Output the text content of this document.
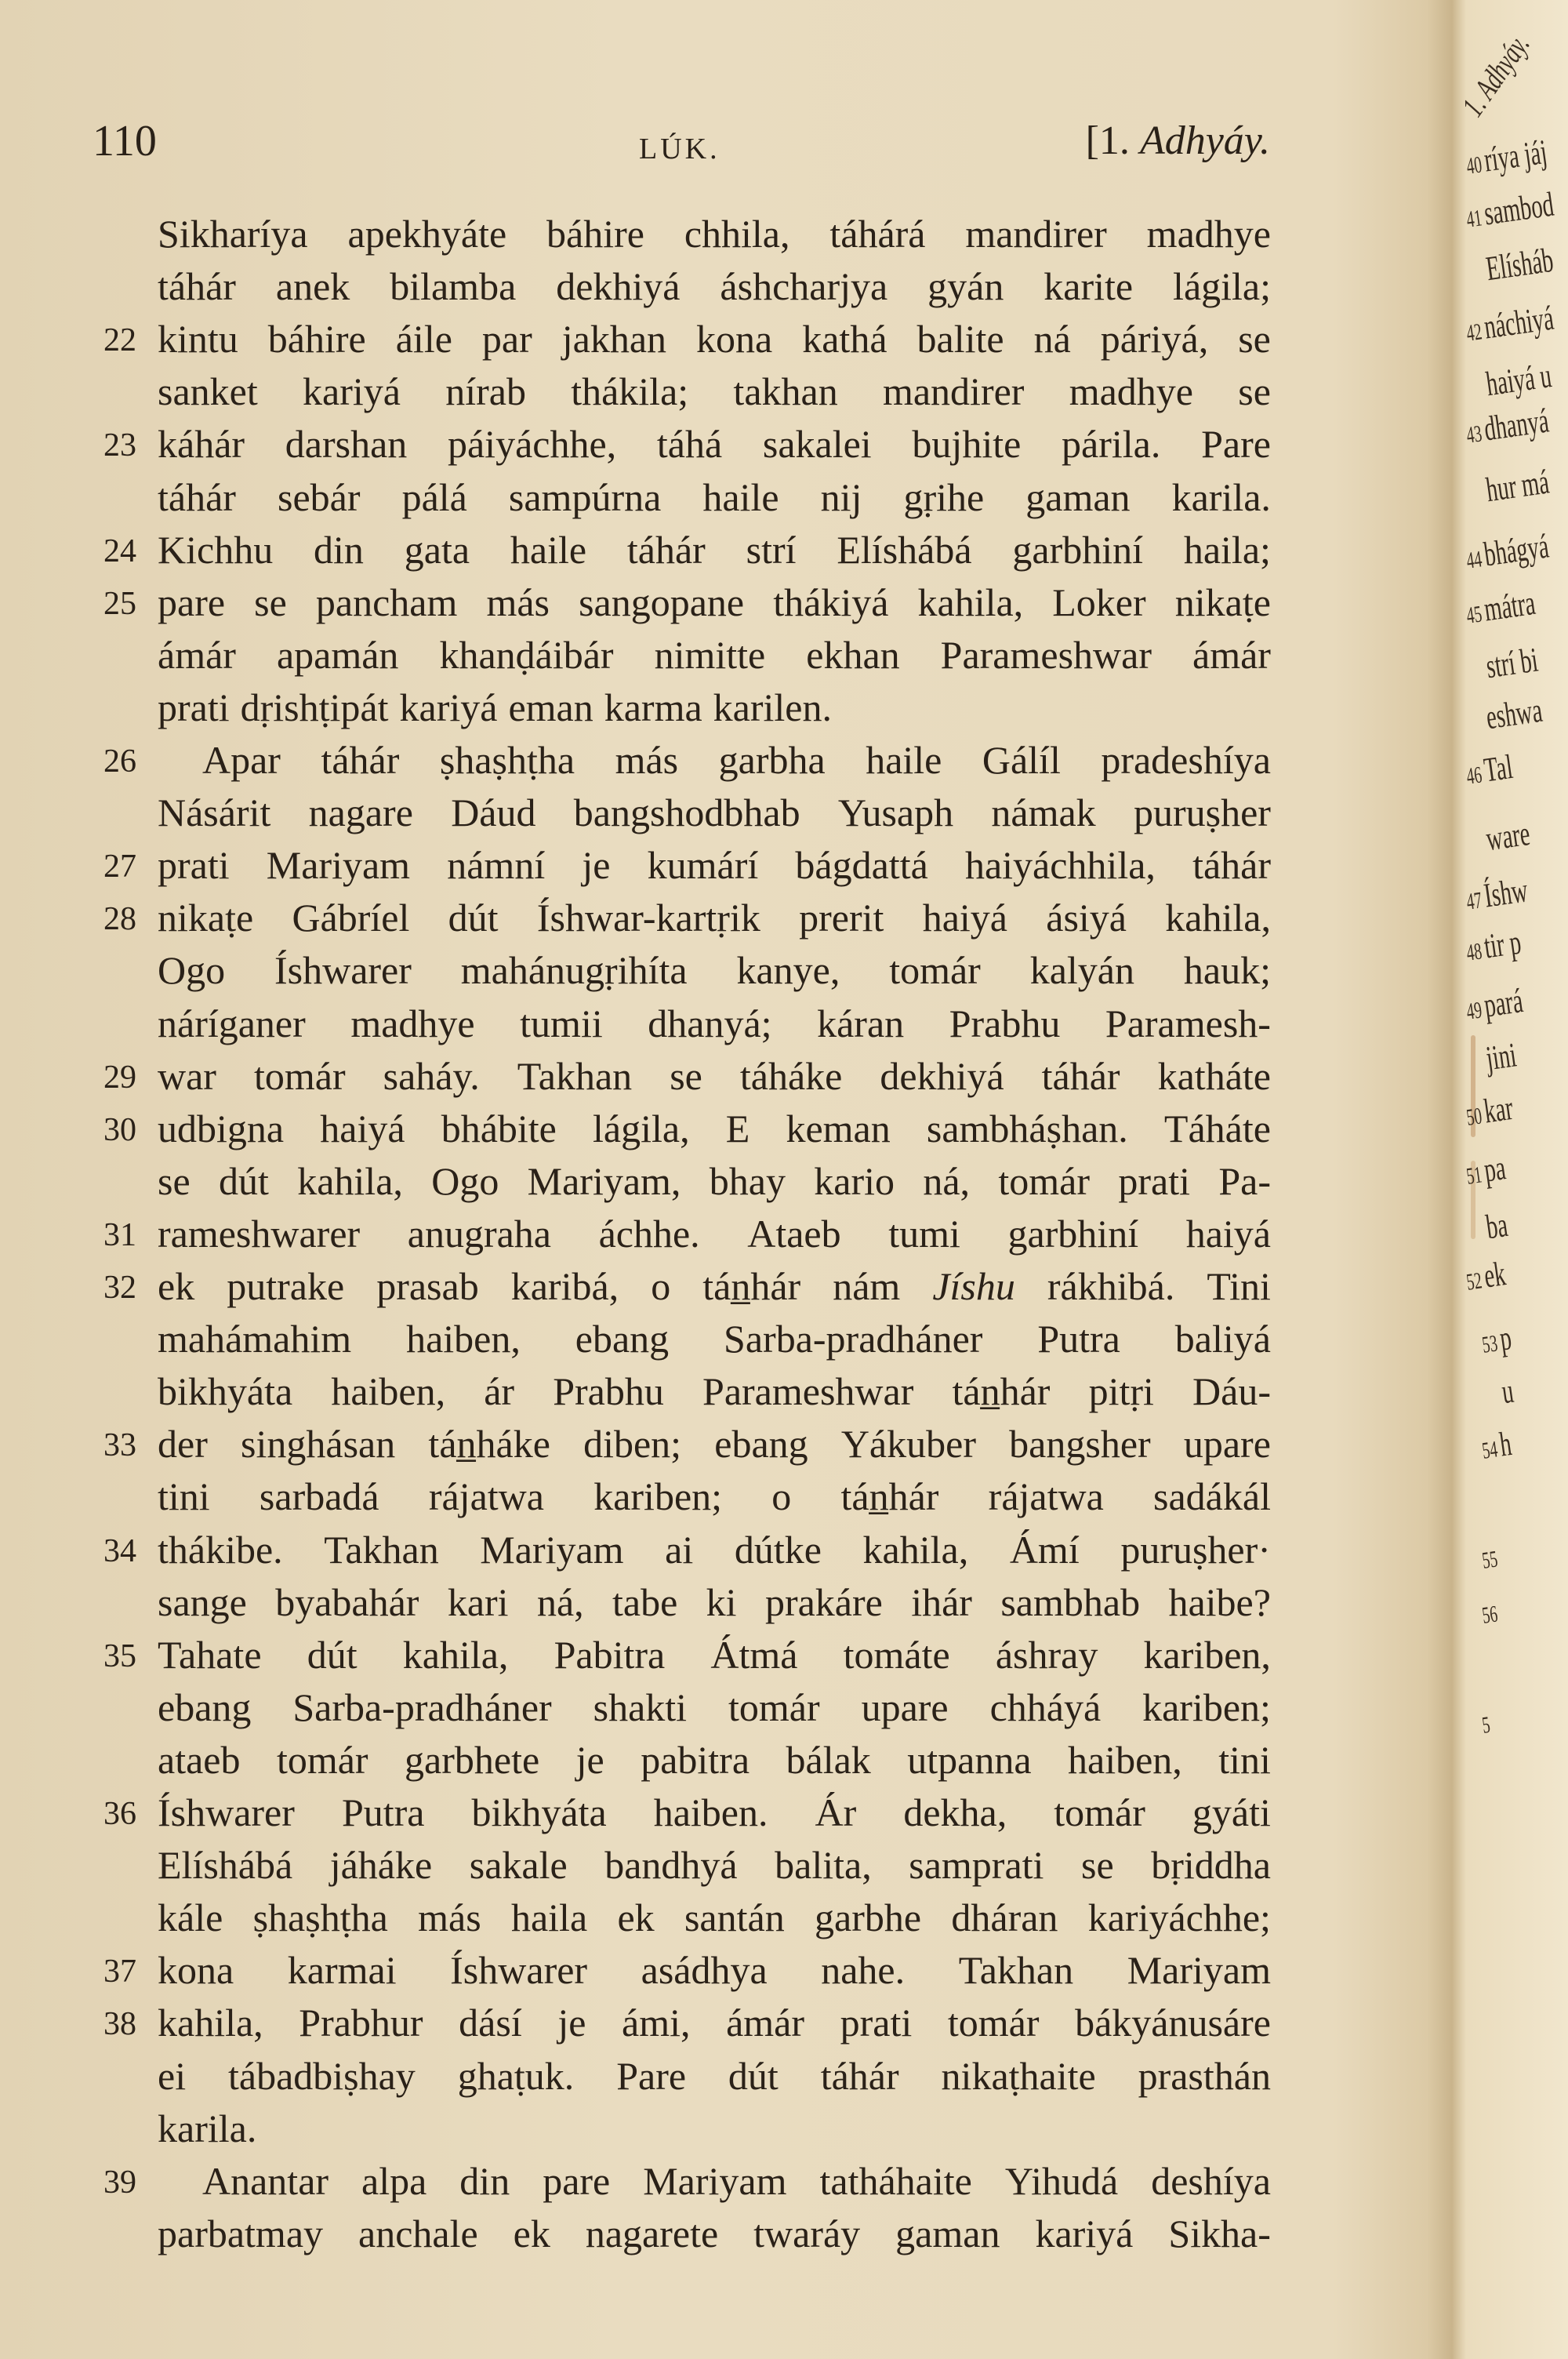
110	LÚK.	[1. Adhyáy.
Sikharíya apekhyáte báhire chhila, táhárá mandirer madhye
táhár anek bilamba dekhiyá áshcharjya gyán karite lágila;
22 kintu báhire áile par jakhan kona kathá balite ná páriyá, se
sanket kariyá nírab thákila; takhan mandirer madhye se
23 káhár darshan páiyáchhe, táhá sakalei bujhite párila. Pare
táhár sebár pálá sampúrna haile nij gṛihe gaman karila.
24 Kichhu din gata haile táhár strí Elíshábá garbhiní haila;
25 pare se pancham más sangopane thákiyá kahila, Loker nikaṭe
ámár apamán khanḍáibár nimitte ekhan Parameshwar ámár
prati dṛishṭipát kariyá eman karma karilen.
26	Apar táhár ṣhaṣhṭha más garbha haile Gálíl pradeshíya
Násárit nagare Dáud bangshodbhab Yusaph námak puruṣher
27 prati Mariyam námní je kumárí bágdattá haiyáchhila, táhár
28 nikaṭe Gábríel dút Íshwar-kartṛik prerit haiyá ásiyá kahila,
Ogo Íshwarer mahánugṛihíta kanye, tomár kalyán hauk;
náríganer madhye tumii dhanyá; káran Prabhu Paramesh-
29 war tomár saháy. Takhan se táháke dekhiyá táhár katháte
30 udbigna haiyá bhábite lágila, E keman sambháṣhan. Táháte
se dút kahila, Ogo Mariyam, bhay kario ná, tomár prati Pa-
31 rameshwarer anugraha áchhe. Ataeb tumi garbhiní haiyá
32 ek putrake prasab karibá, o tán̲hár nám Jíshu rákhibá. Tini
mahámahim haiben, ebang Sarba-pradháner Putra baliyá
bikhyáta haiben, ár Prabhu Parameshwar tán̲hár pitṛi Dáu-
33 der singhásan tán̲háke diben; ebang Yákuber bangsher upare
tini sarbadá rájatwa kariben; o tán̲hár rájatwa sadákál
34 thákibe. Takhan Mariyam ai dútke kahila, Ámí puruṣher·
sange byabahár kari ná, tabe ki prakáre ihár sambhab haibe?
35 Tahate dút kahila, Pabitra Átmá tomáte áshray kariben,
ebang Sarba-pradháner shakti tomár upare chháyá kariben;
ataeb tomár garbhete je pabitra bálak utpanna haiben, tini
36 Íshwarer Putra bikhyáta haiben. Ár dekha, tomár gyáti
Elíshábá jáháke sakale bandhyá balita, samprati se bṛiddha
kále ṣhaṣhṭha más haila ek santán garbhe dháran kariyáchhe;
37 kona karmai Íshwarer asádhya nahe. Takhan Mariyam
38 kahila, Prabhur dásí je ámi, ámár prati tomár bákyánusáre
ei tábadbiṣhay ghaṭuk. Pare dút táhár nikaṭhaite prasthán
karila.
39	Anantar alpa din pare Mariyam tatháhaite Yihudá deshíya
parbatmay anchale ek nagarete twaráy gaman kariyá Sikha-
1. Adhyáy.
40ríya jáj
41sambod
Elísháb
42náchiyá
haiyá u
43dhanyá
hur má
44bhágyá
45mátra
strí bi
eshwa
46Tal
ware
47Íshw
48tir p
49pará
jini
50kar
51pa
ba
52ek
53p
u
54h
55
56
5
